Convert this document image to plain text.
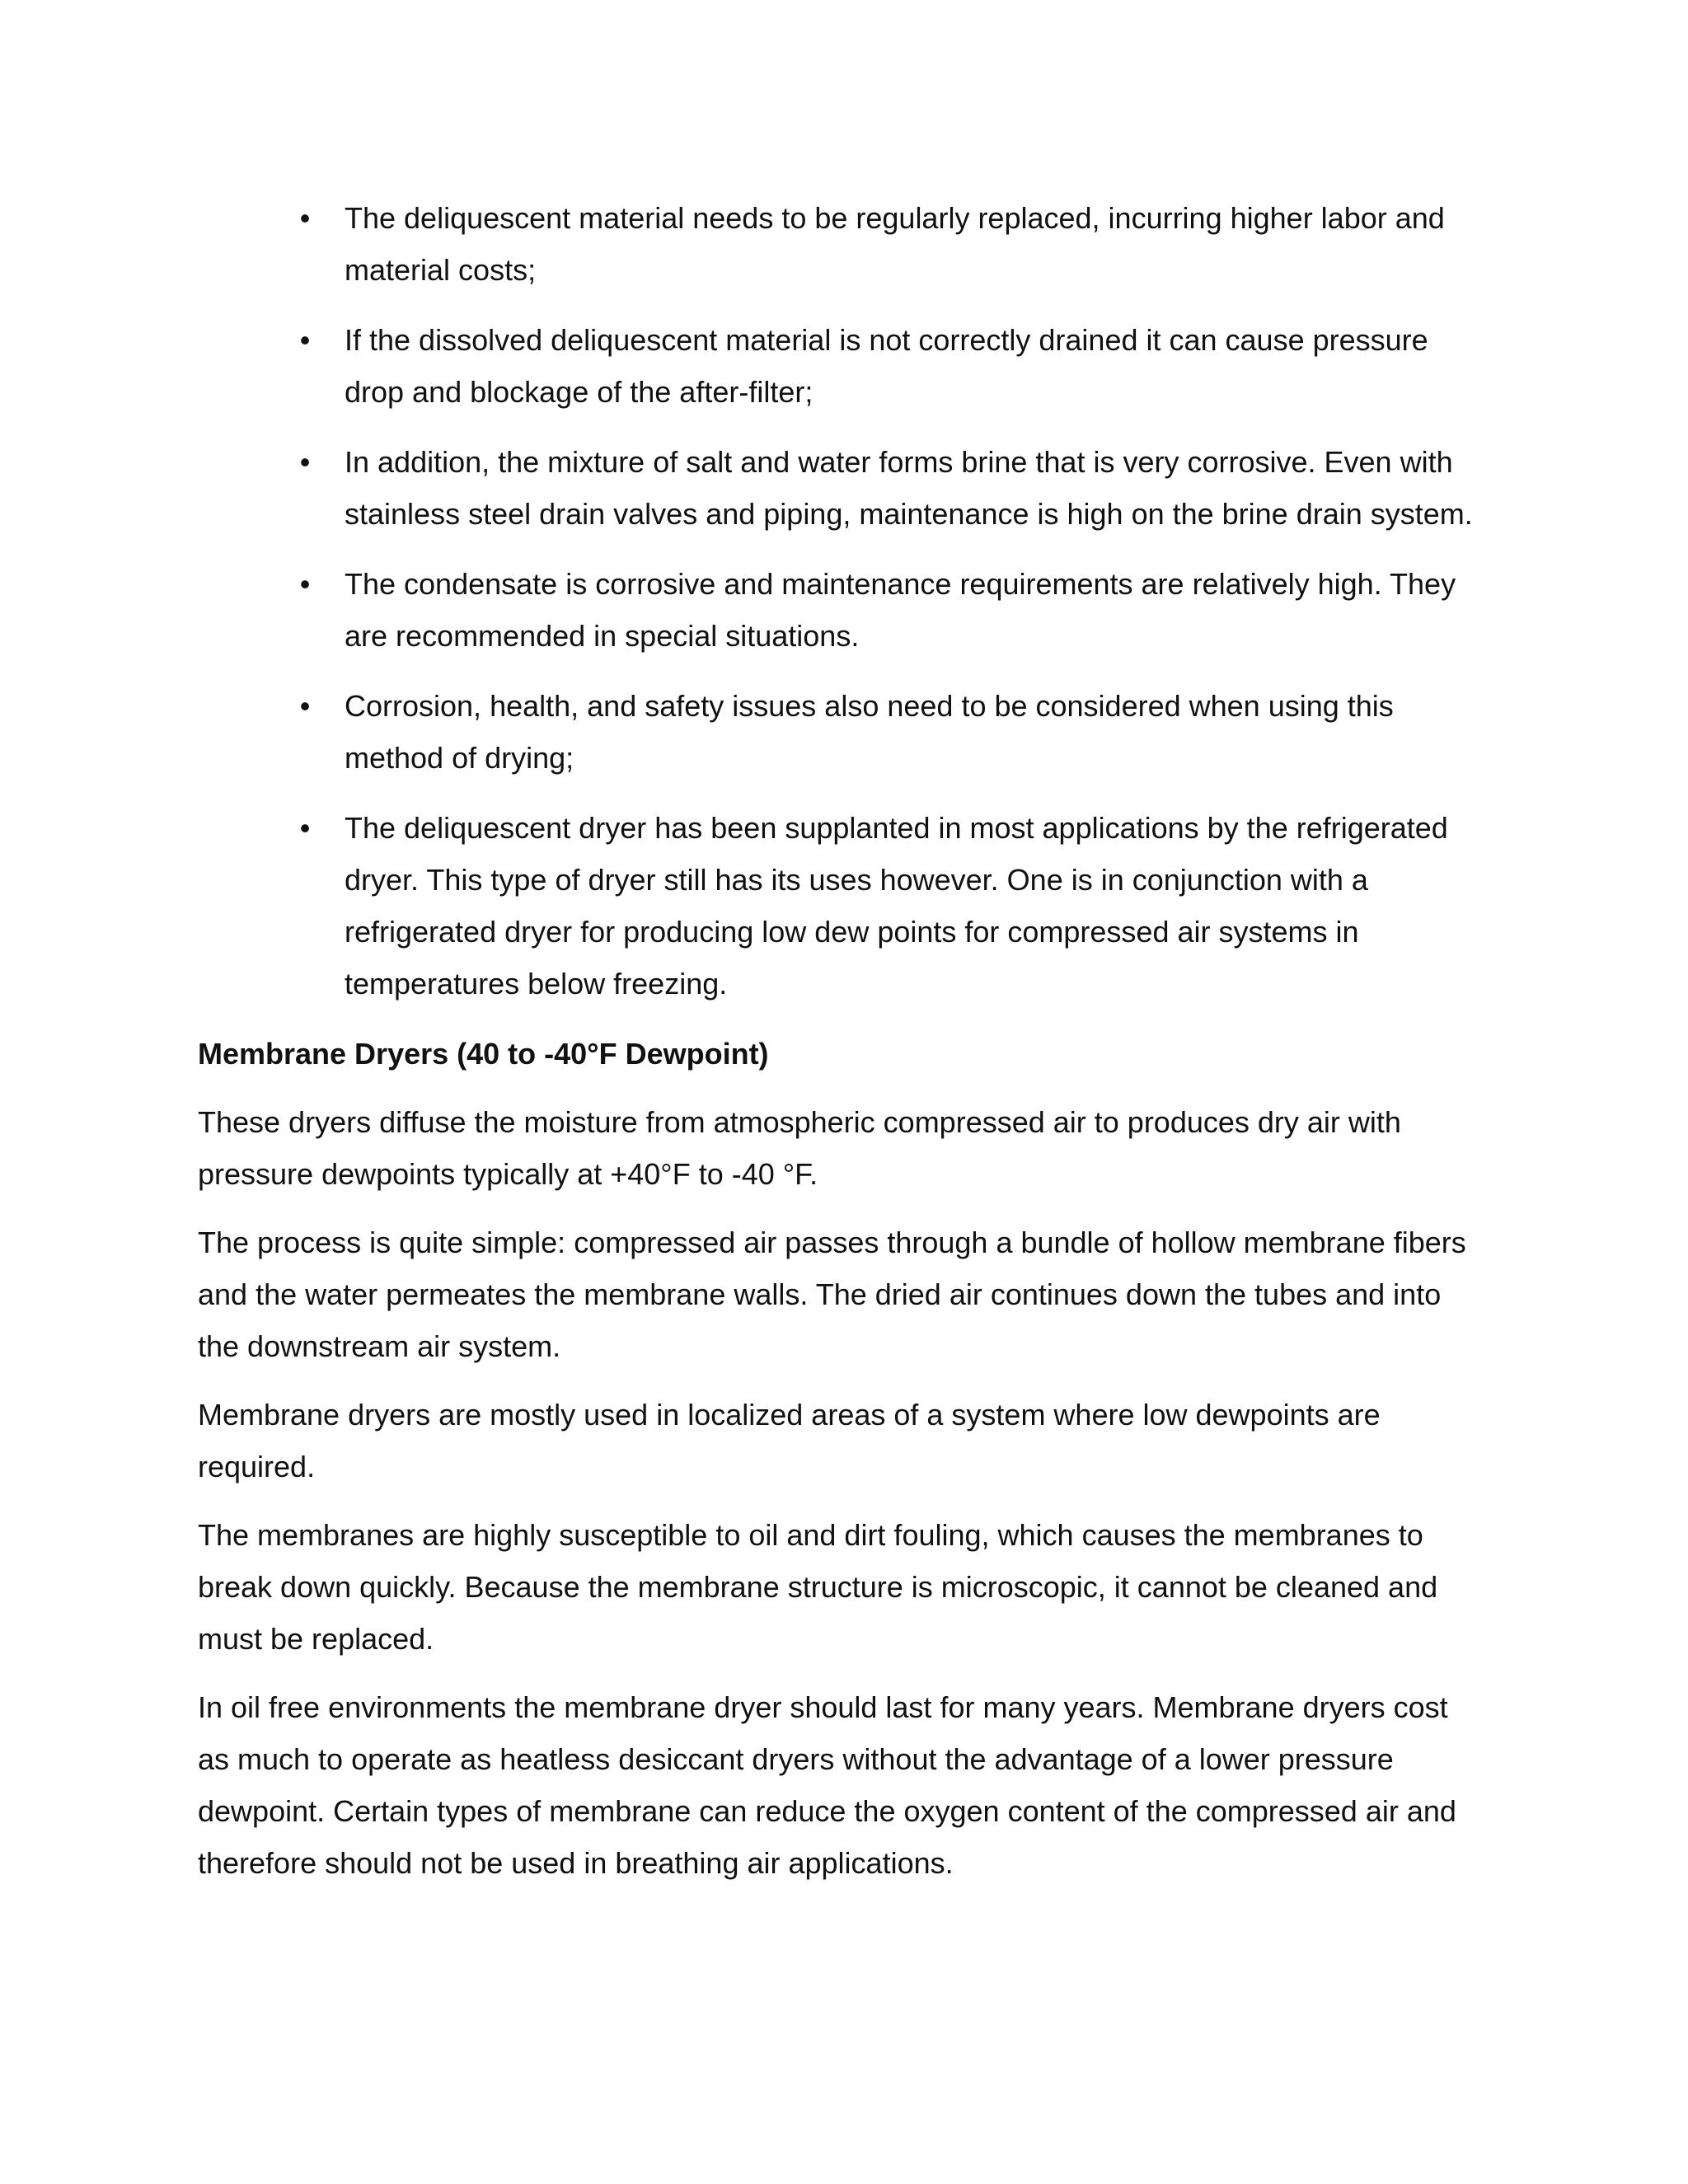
• The deliquescent material needs to be regularly replaced, incurring higher labor and material costs;
• If the dissolved deliquescent material is not correctly drained it can cause pressure drop and blockage of the after-filter;
• In addition, the mixture of salt and water forms brine that is very corrosive. Even with stainless steel drain valves and piping, maintenance is high on the brine drain system.
• The condensate is corrosive and maintenance requirements are relatively high. They are recommended in special situations.
• Corrosion, health, and safety issues also need to be considered when using this method of drying;
• The deliquescent dryer has been supplanted in most applications by the refrigerated dryer. This type of dryer still has its uses however. One is in conjunction with a refrigerated dryer for producing low dew points for compressed air systems in temperatures below freezing.
Membrane Dryers (40 to -40°F Dewpoint)

These dryers diffuse the moisture from atmospheric compressed air to produces dry air with pressure dewpoints typically at +40°F to -40 °F.

The process is quite simple: compressed air passes through a bundle of hollow membrane fibers and the water permeates the membrane walls. The dried air continues down the tubes and into the downstream air system.

Membrane dryers are mostly used in localized areas of a system where low dewpoints are required.

The membranes are highly susceptible to oil and dirt fouling, which causes the membranes to break down quickly. Because the membrane structure is microscopic, it cannot be cleaned and must be replaced.

In oil free environments the membrane dryer should last for many years. Membrane dryers cost as much to operate as heatless desiccant dryers without the advantage of a lower pressure dewpoint. Certain types of membrane can reduce the oxygen content of the compressed air and therefore should not be used in breathing air applications.
